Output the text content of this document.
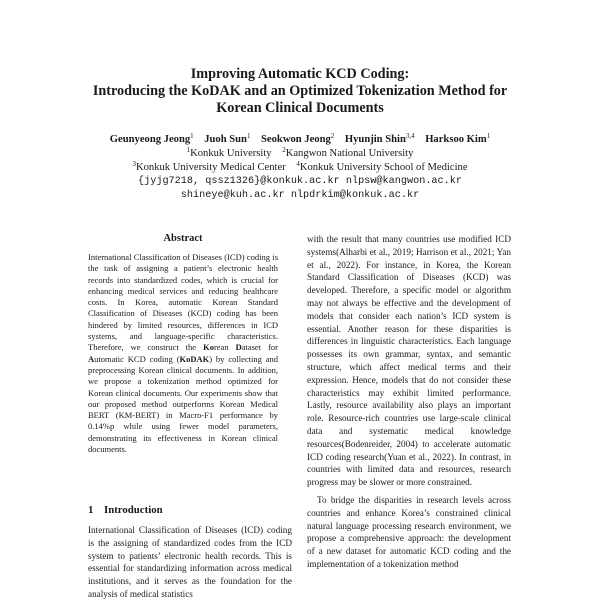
Improving Automatic KCD Coding:
Introducing the KoDAK and an Optimized Tokenization Method for
Korean Clinical Documents
Geunyeong Jeong$^1$ Juoh Sun$^1$ Seokwon Jeong$^2$ Hyunjin Shin$^{3,4}$ Harksoo Kim$^1$
$^1$Konkuk University $^2$Kangwon National University
$^3$Konkuk University Medical Center $^4$Konkuk University School of Medicine
{jyjg7218, qssz1326}@konkuk.ac.kr nlpsw@kangwon.ac.kr
shineye@kuh.ac.kr nlpdrkim@konkuk.ac.kr
Abstract
International Classification of Diseases (ICD) coding is the task of assigning a patient’s electronic health records into standardized codes, which is crucial for enhancing medical services and reducing healthcare costs. In Korea, automatic Korean Standard Classification of Diseases (KCD) coding has been hindered by limited resources, differences in ICD systems, and language-specific characteristics. Therefore, we construct the Korean Dataset for Automatic KCD coding (KoDAK) by collecting and preprocessing Korean clinical documents. In addition, we propose a tokenization method optimized for Korean clinical documents. Our experiments show that our proposed method outperforms Korean Medical BERT (KM-BERT) in Macro-F1 performance by 0.14%p while using fewer model parameters, demonstrating its effectiveness in Korean clinical documents.
1 Introduction
International Classification of Diseases (ICD) coding is the assigning of standardized codes from the ICD system to patients’ electronic health records. This is essential for standardizing information across medical institutions, and it serves as the foundation for the analysis of medical statistics

with the result that many countries use modified ICD systems(Alharbi et al., 2019; Harrison et al., 2021; Yan et al., 2022). For instance, in Korea, the Korean Standard Classification of Diseases (KCD) was developed. Therefore, a specific model or algorithm may not always be effective and the development of models that consider each nation’s ICD system is essential. Another reason for these disparities is differences in linguistic characteristics. Each language possesses its own grammar, syntax, and semantic structure, which affect medical terms and their expression. Hence, models that do not consider these characteristics may exhibit limited performance. Lastly, resource availability also plays an important role. Resource-rich countries use large-scale clinical data and systematic medical knowledge resources(Bodenreider, 2004) to accelerate automatic ICD coding research(Yuan et al., 2022). In contrast, in countries with limited data and resources, research progress may be slower or more constrained.

To bridge the disparities in research levels across countries and enhance Korea’s constrained clinical natural language processing research environment, we propose a comprehensive approach: the development of a new dataset for automatic KCD coding and the implementation of a tokenization method
